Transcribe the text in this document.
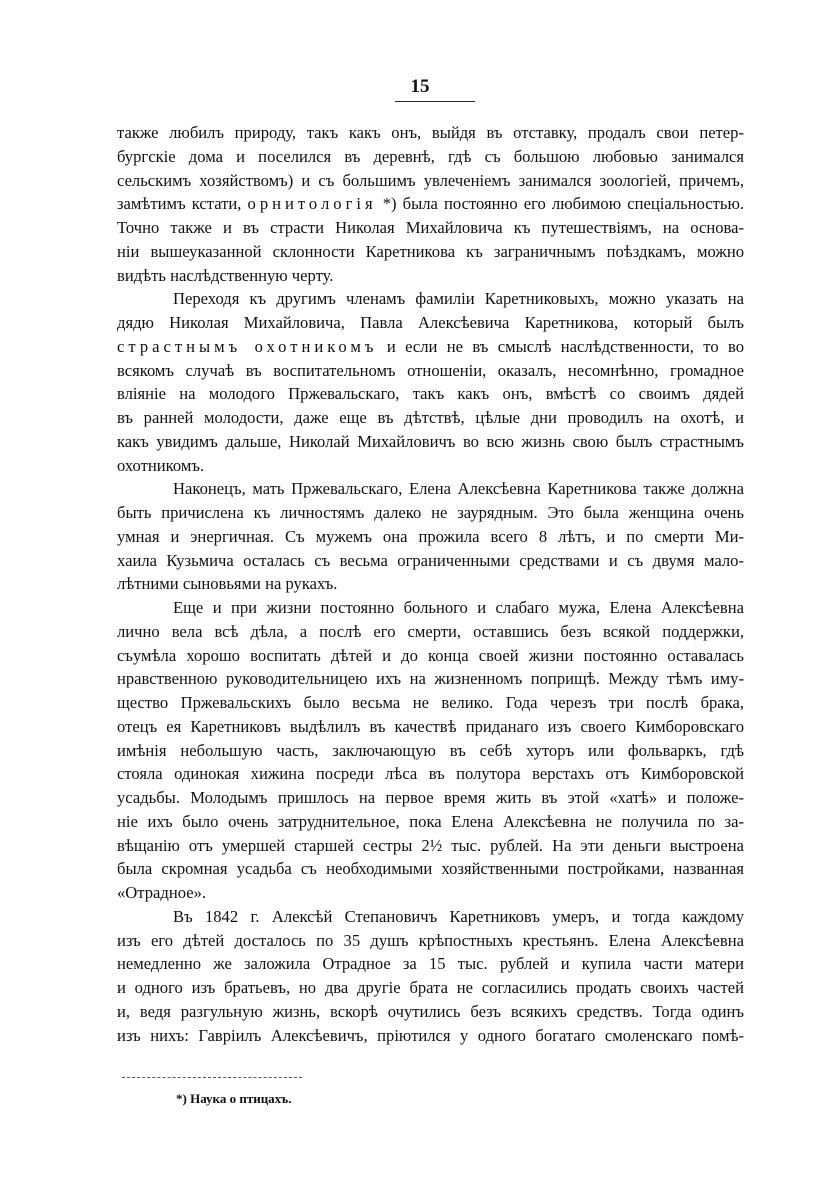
15
также любилъ природу, такъ какъ онъ, выйдя въ отставку, продалъ свои петер-
бургскіе дома и поселился въ деревнѣ, гдѣ съ большою любовью занимался
сельскимъ хозяйствомъ) и съ большимъ увлеченіемъ занимался зоологіей, причемъ,
замѣтимъ кстати, орнитологія *) была постоянно его любимою спеціальностью.
Точно также и въ страсти Николая Михайловича къ путешествіямъ, на основа-
ніи вышеуказанной склонности Каретникова къ заграничнымъ поѣздкамъ, можно
видѣть наслѣдственную черту.
Переходя къ другимъ членамъ фамиліи Каретниковыхъ, можно указать на
дядю Николая Михайловича, Павла Алексѣевича Каретникова, который былъ
страстнымъ охотникомъ и если не въ смыслѣ наслѣдственности, то во
всякомъ случаѣ въ воспитательномъ отношеніи, оказалъ, несомнѣнно, громадное
вліяніе на молодого Пржевальскаго, такъ какъ онъ, вмѣстѣ со своимъ дядей
въ ранней молодости, даже еще въ дѣтствѣ, цѣлые дни проводилъ на охотѣ, и
какъ увидимъ дальше, Николай Михайловичъ во всю жизнь свою былъ страстнымъ
охотникомъ.
Наконецъ, мать Пржевальскаго, Елена Алексѣевна Каретникова также должна
быть причислена къ личностямъ далеко не заурядным. Это была женщина очень
умная и энергичная. Съ мужемъ она прожила всего 8 лѣтъ, и по смерти Ми-
хаила Кузьмича осталась съ весьма ограниченными средствами и съ двумя мало-
лѣтними сыновьями на рукахъ.
Еще и при жизни постоянно больного и слабаго мужа, Елена Алексѣевна
лично вела всѣ дѣла, а послѣ его смерти, оставшись безъ всякой поддержки,
съумѣла хорошо воспитать дѣтей и до конца своей жизни постоянно оставалась
нравственною руководительницею ихъ на жизненномъ поприщѣ. Между тѣмъ иму-
щество Пржевальскихъ было весьма не велико. Года черезъ три послѣ брака,
отецъ ея Каретниковъ выдѣлилъ въ качествѣ приданаго изъ своего Кимборовскаго
имѣнія небольшую часть, заключающую въ себѣ хуторъ или фольваркъ, гдѣ
стояла одинокая хижина посреди лѣса въ полутора верстахъ отъ Кимборовской
усадьбы. Молодымъ пришлось на первое время жить въ этой «хатѣ» и положе-
ніе ихъ было очень затруднительное, пока Елена Алексѣевна не получила по за-
вѣщанію отъ умершей старшей сестры 2½ тыс. рублей. На эти деньги выстроена
была скромная усадьба съ необходимыми хозяйственными постройками, названная
«Отрадное».
Въ 1842 г. Алексѣй Степановичъ Каретниковъ умеръ, и тогда каждому
изъ его дѣтей досталось по 35 душъ крѣпостныхъ крестьянъ. Елена Алексѣевна
немедленно же заложила Отрадное за 15 тыс. рублей и купила части матери
и одного изъ братьевъ, но два другіе брата не согласились продать своихъ частей
и, ведя разгульную жизнь, вскорѣ очутились безъ всякихъ средствъ. Тогда одинъ
изъ нихъ: Гавріилъ Алексѣевичъ, пріютился у одного богатаго смоленскаго помѣ-
*) Наука о птицахъ.
